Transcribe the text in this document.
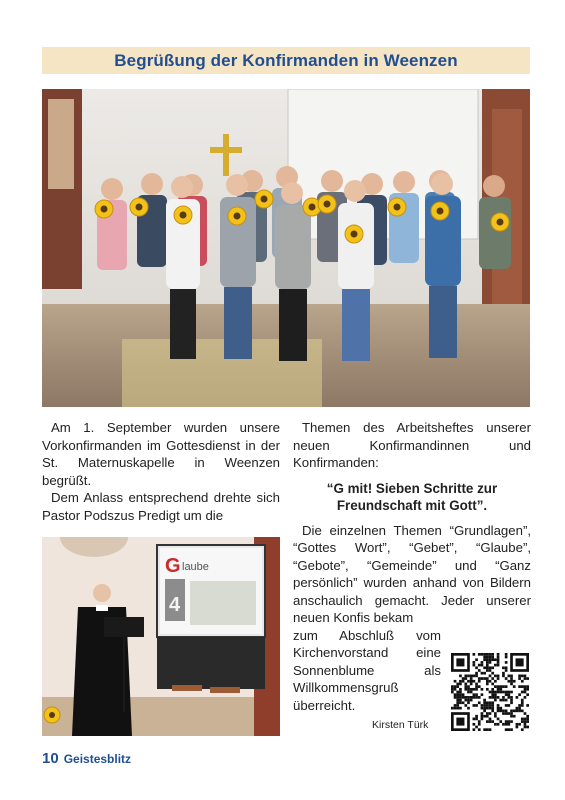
Begrüßung der Konfirmanden in Weenzen

Am 1. September wurden unsere Vorkonfirmanden im Gottesdienst in der St. Maternuskapelle in Weenzen begrüßt.

Dem Anlass entsprechend drehte sich Pastor Podszus Predigt um die

G laube
4

Themen des Arbeitsheftes unserer neuen Konfirmandinnen und Konfirmanden:

“G mit! Sieben Schritte zur
Freundschaft mit Gott”.

Die einzelnen Themen “Grundlagen”, “Gottes Wort”, “Gebet”, “Glaube”, “Gebote”, “Gemeinde” und “Ganz persönlich” wurden anhand von Bildern anschaulich gemacht. Jeder unserer neuen Konfis bekam

zum Abschluß vom Kirchenvorstand eine Sonnenblume als Willkommensgruß überreicht.

Kirsten Türk
10 Geistesblitz
